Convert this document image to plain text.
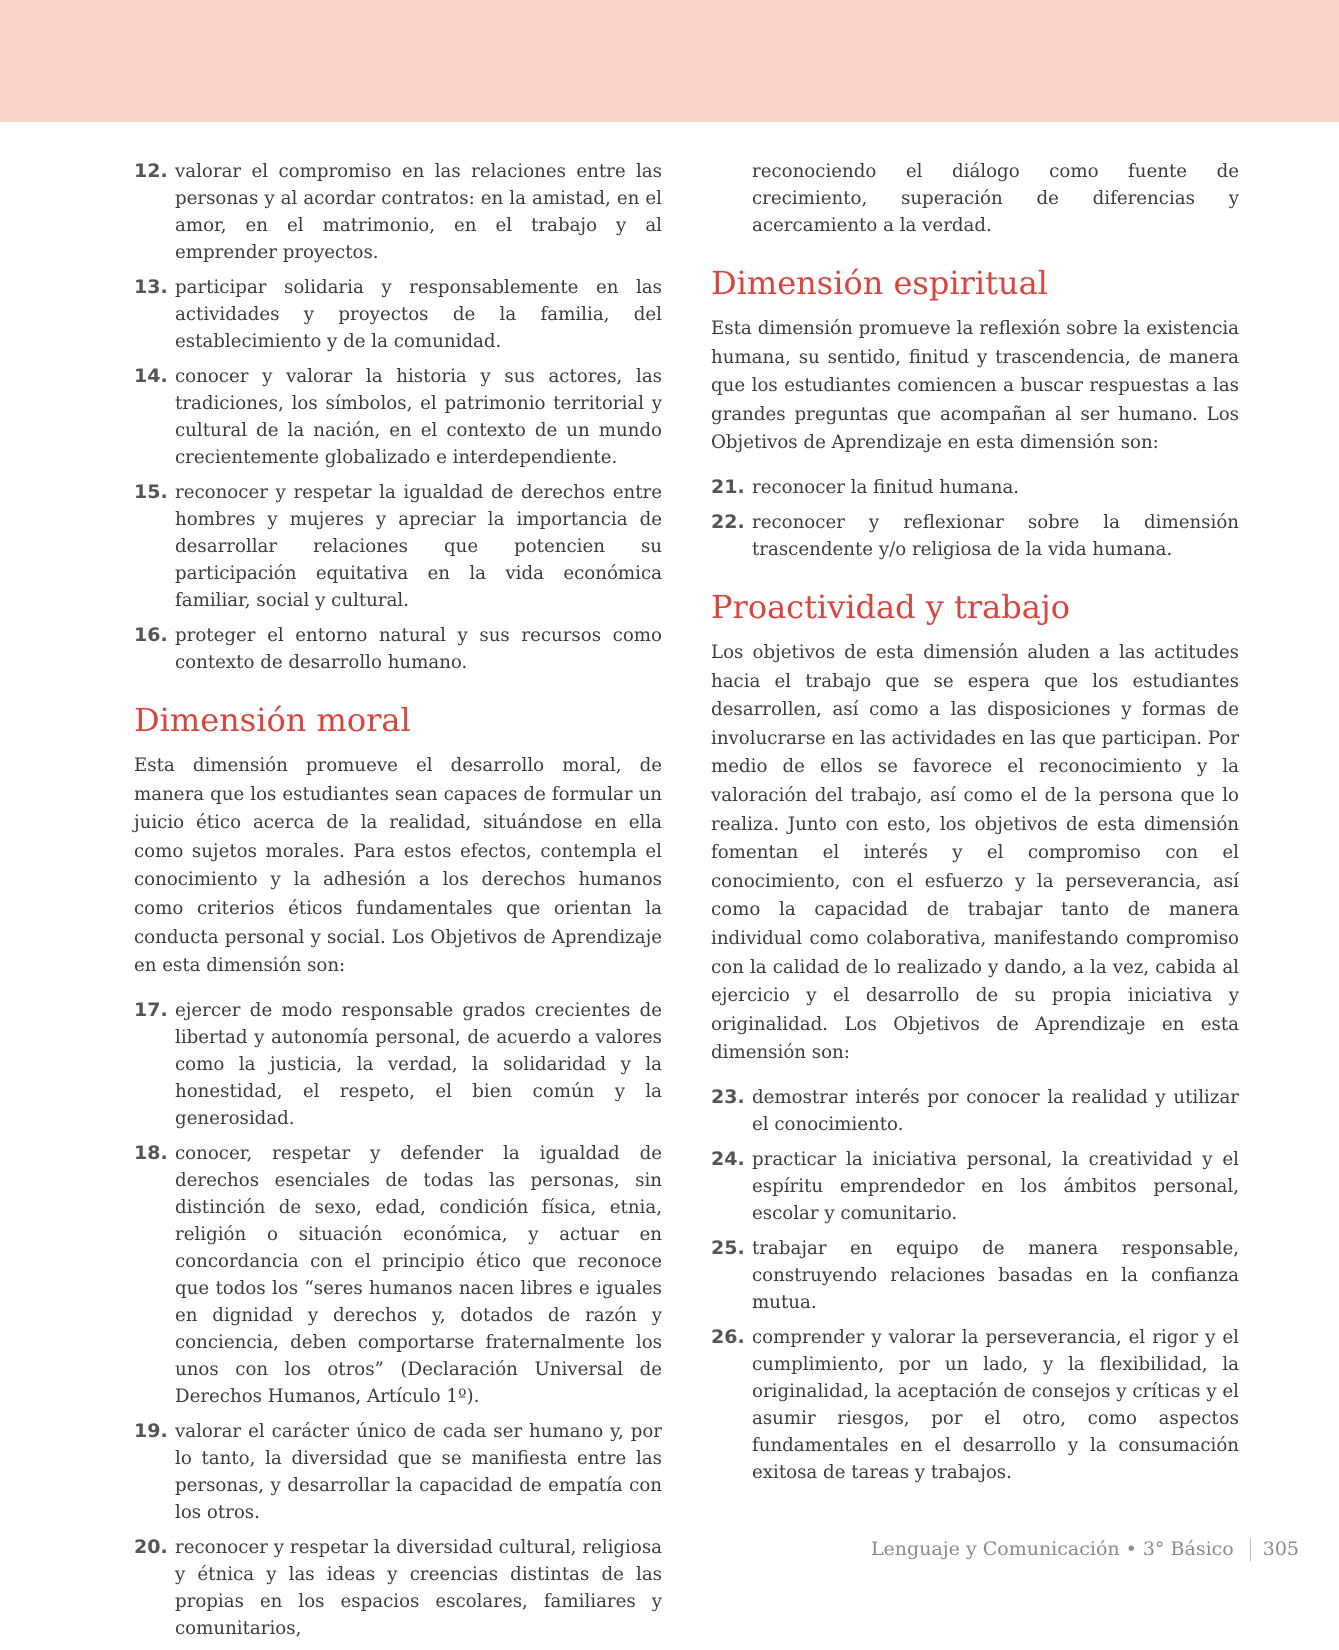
12. valorar el compromiso en las relaciones entre las personas y al acordar contratos: en la amistad, en el amor, en el matrimonio, en el trabajo y al emprender proyectos.
13. participar solidaria y responsablemente en las actividades y proyectos de la familia, del establecimiento y de la comunidad.
14. conocer y valorar la historia y sus actores, las tradiciones, los símbolos, el patrimonio territorial y cultural de la nación, en el contexto de un mundo crecientemente globalizado e interdependiente.
15. reconocer y respetar la igualdad de derechos entre hombres y mujeres y apreciar la importancia de desarrollar relaciones que potencien su participación equitativa en la vida económica familiar, social y cultural.
16. proteger el entorno natural y sus recursos como contexto de desarrollo humano.
Dimensión moral

Esta dimensión promueve el desarrollo moral, de manera que los estudiantes sean capaces de formular un juicio ético acerca de la realidad, situándose en ella como sujetos morales. Para estos efectos, contempla el conocimiento y la adhesión a los derechos humanos como criterios éticos fundamentales que orientan la conducta personal y social. Los Objetivos de Aprendizaje en esta dimensión son:

17. ejercer de modo responsable grados crecientes de libertad y autonomía personal, de acuerdo a valores como la justicia, la verdad, la solidaridad y la honestidad, el respeto, el bien común y la generosidad.
18. conocer, respetar y defender la igualdad de derechos esenciales de todas las personas, sin distinción de sexo, edad, condición física, etnia, religión o situación económica, y actuar en concordancia con el principio ético que reconoce que todos los “seres humanos nacen libres e iguales en dignidad y derechos y, dotados de razón y conciencia, deben comportarse fraternalmente los unos con los otros” (Declaración Universal de Derechos Humanos, Artículo 1º).
19. valorar el carácter único de cada ser humano y, por lo tanto, la diversidad que se manifiesta entre las personas, y desarrollar la capacidad de empatía con los otros.
20. reconocer y respetar la diversidad cultural, religiosa y étnica y las ideas y creencias distintas de las propias en los espacios escolares, familiares y comunitarios,
reconociendo el diálogo como fuente de crecimiento, superación de diferencias y acercamiento a la verdad.
Dimensión espiritual

Esta dimensión promueve la reflexión sobre la existencia humana, su sentido, finitud y trascendencia, de manera que los estudiantes comiencen a buscar respuestas a las grandes preguntas que acompañan al ser humano. Los Objetivos de Aprendizaje en esta dimensión son:

21. reconocer la finitud humana.
22. reconocer y reflexionar sobre la dimensión trascendente y/o religiosa de la vida humana.
Proactividad y trabajo

Los objetivos de esta dimensión aluden a las actitudes hacia el trabajo que se espera que los estudiantes desarrollen, así como a las disposiciones y formas de involucrarse en las actividades en las que participan. Por medio de ellos se favorece el reconocimiento y la valoración del trabajo, así como el de la persona que lo realiza. Junto con esto, los objetivos de esta dimensión fomentan el interés y el compromiso con el conocimiento, con el esfuerzo y la perseverancia, así como la capacidad de trabajar tanto de manera individual como colaborativa, manifestando compromiso con la calidad de lo realizado y dando, a la vez, cabida al ejercicio y el desarrollo de su propia iniciativa y originalidad. Los Objetivos de Aprendizaje en esta dimensión son:

23. demostrar interés por conocer la realidad y utilizar el conocimiento.
24. practicar la iniciativa personal, la creatividad y el espíritu emprendedor en los ámbitos personal, escolar y comunitario.
25. trabajar en equipo de manera responsable, construyendo relaciones basadas en la confianza mutua.
26. comprender y valorar la perseverancia, el rigor y el cumplimiento, por un lado, y la flexibilidad, la originalidad, la aceptación de consejos y críticas y el asumir riesgos, por el otro, como aspectos fundamentales en el desarrollo y la consumación exitosa de tareas y trabajos.
Lenguaje y Comunicación • 3° Básico 305
